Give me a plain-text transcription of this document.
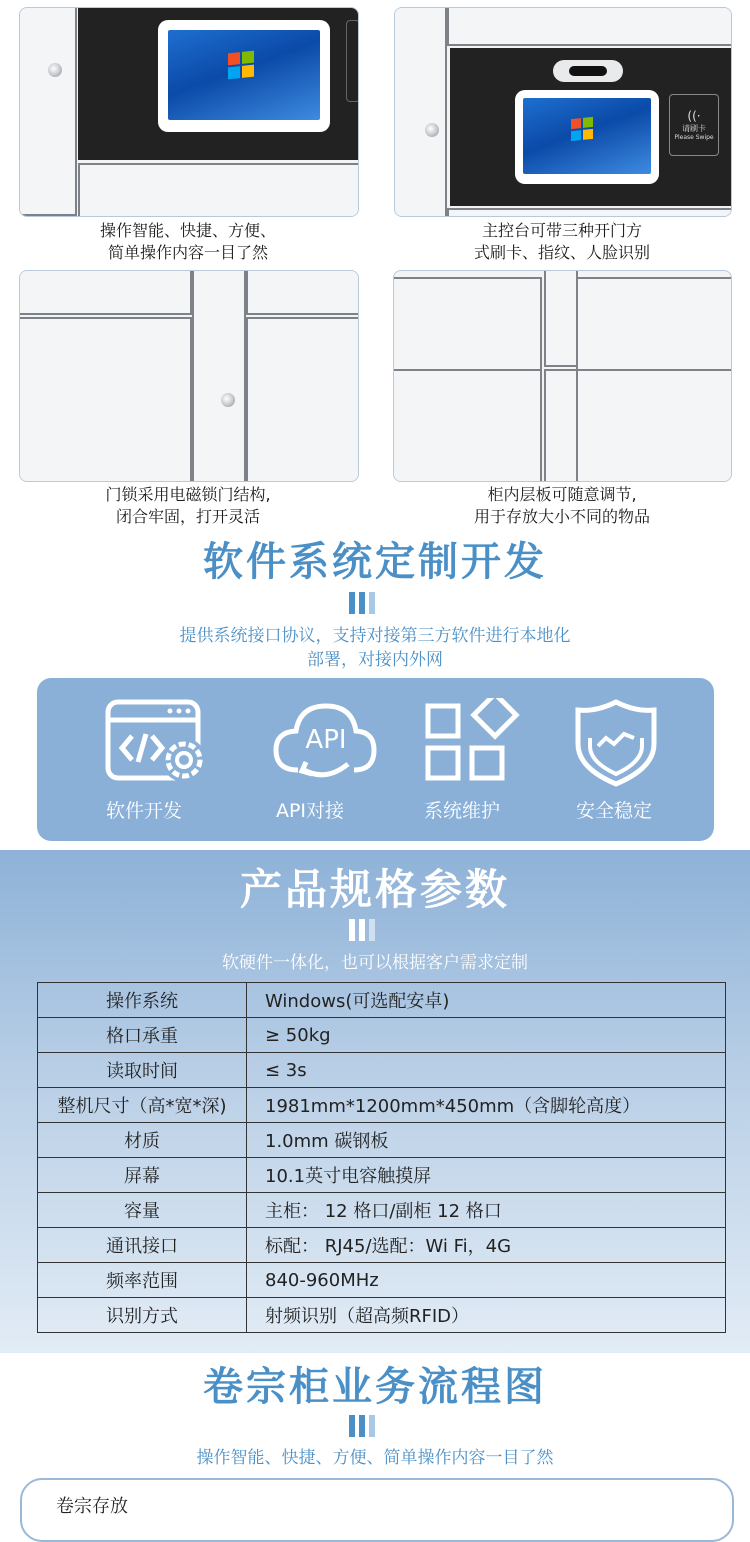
操作智能、快捷、方便、
简单操作内容一目了然
((·
请刷卡
Please Swipe
主控台可带三种开门方
式刷卡、指纹、人脸识别
门锁采用电磁锁门结构,
闭合牢固，打开灵活
柜内层板可随意调节,
用于存放大小不同的物品
软件系统定制开发
提供系统接口协议，支持对接第三方软件进行本地化
部署，对接内外网
软件开发
API
API对接	系统维护	安全稳定
产品规格参数
软硬件一体化，也可以根据客户需求定制
操作系统	Windows(可选配安卓)
格口承重	≥ 50kg
读取时间	≤ 3s
整机尺寸（高*宽*深)	1981mm*1200mm*450mm（含脚轮高度）
材质	1.0mm 碳钢板
屏幕	10.1英寸电容触摸屏
容量	主柜： 12 格口/副柜 12 格口
通讯接口	标配： RJ45/选配：Wi Fi，4G
频率范围	840-960MHz
识别方式	射频识别（超高频RFID）
卷宗柜业务流程图
操作智能、快捷、方便、简单操作内容一目了然
卷宗存放
